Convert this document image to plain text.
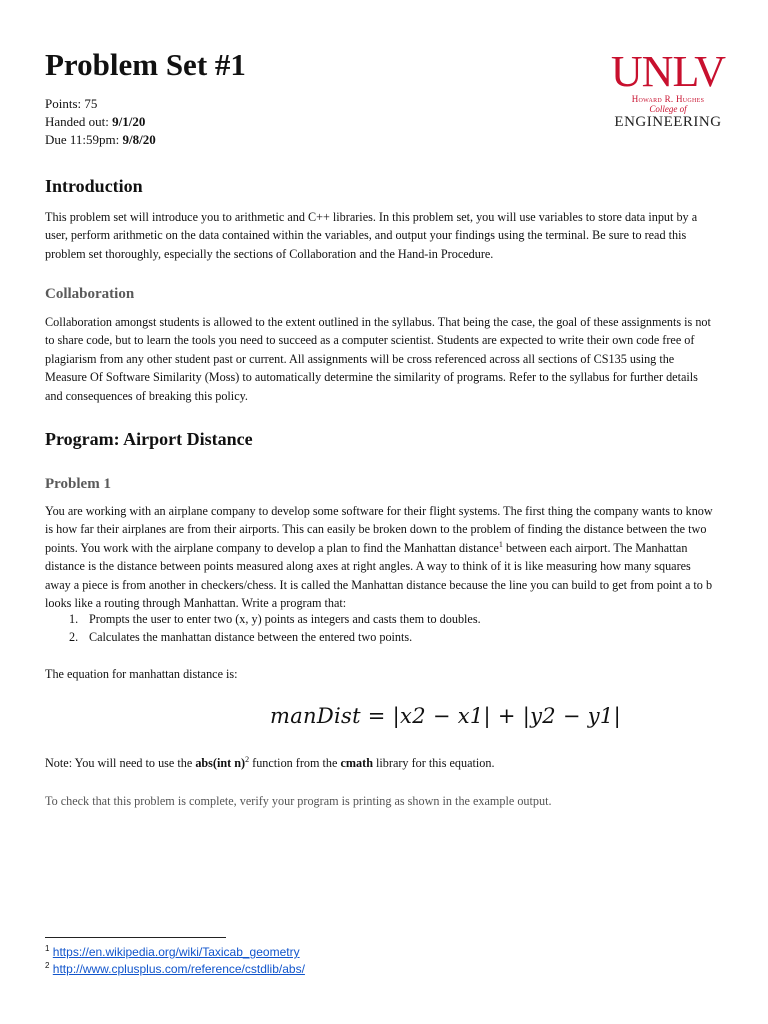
Problem Set #1
Points: 75
Handed out: 9/1/20
Due 11:59pm: 9/8/20
UNLV
Howard R. Hughes
College of
ENGINEERING
Introduction

This problem set will introduce you to arithmetic and C++ libraries. In this problem set, you will use variables to store data input by a user, perform arithmetic on the data contained within the variables, and output your findings using the terminal. Be sure to read this problem set thoroughly, especially the sections of Collaboration and the Hand-in Procedure.

Collaboration

Collaboration amongst students is allowed to the extent outlined in the syllabus. That being the case, the goal of these assignments is not to share code, but to learn the tools you need to succeed as a computer scientist. Students are expected to write their own code free of plagiarism from any other student past or current. All assignments will be cross referenced across all sections of CS135 using the Measure Of Software Similarity (Moss) to automatically determine the similarity of programs. Refer to the syllabus for further details and consequences of breaking this policy.

Program: Airport Distance
Problem 1

You are working with an airplane company to develop some software for their flight systems. The first thing the company wants to know is how far their airplanes are from their airports. This can easily be broken down to the problem of finding the distance between the two points. You work with the airplane company to develop a plan to find the Manhattan distance$^1$ between each airport. The Manhattan distance is the distance between points measured along axes at right angles. A way to think of it is like measuring how many squares away a piece is from another in checkers/chess. It is called the Manhattan distance because the line you can build to get from point a to b looks like a routing through Manhattan. Write a program that:

1. Prompts the user to enter two (x, y) points as integers and casts them to doubles.
2. Calculates the manhattan distance between the entered two points.

The equation for manhattan distance is:

manDist = |x2 − x1| + |y2 − y1|

Note: You will need to use the abs(int n)$^2$ function from the cmath library for this equation.

To check that this problem is complete, verify your program is printing as shown in the example output.
$^1$ https://en.wikipedia.org/wiki/Taxicab_geometry
$^2$ http://www.cplusplus.com/reference/cstdlib/abs/
